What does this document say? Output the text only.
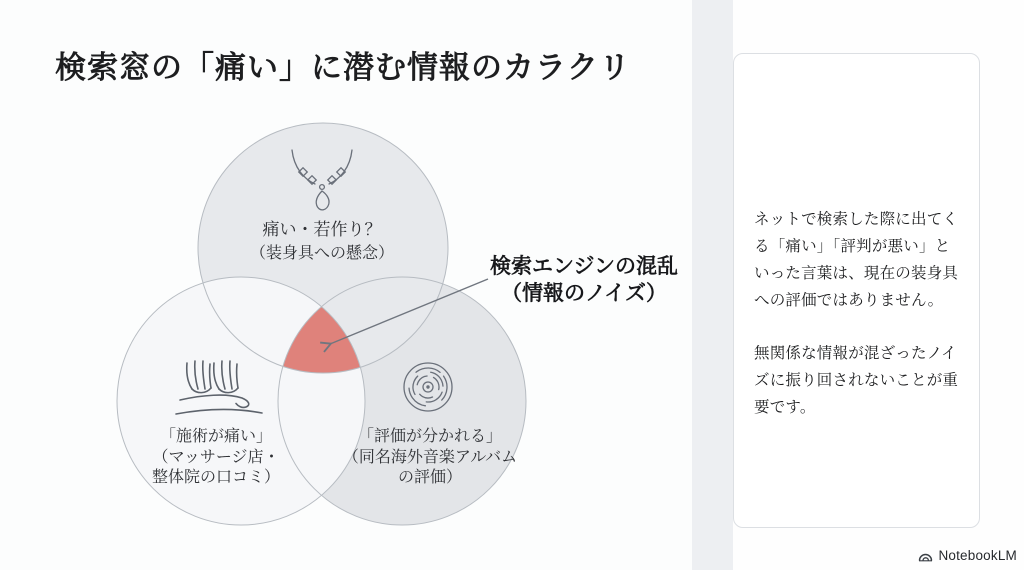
検索窓の「痛い」に潜む情報のカラクリ
痛い・若作り？
（装身具への懸念）
「施術が痛い」
（マッサージ店・
整体院の口コミ）
「評価が分かれる」
（同名海外音楽アルバム
の評価）
検索エンジンの混乱
（情報のノイズ）

ネットで検索した際に出てくる「痛い」「評判が悪い」といった言葉は、現在の装身具への評価ではありません。

無関係な情報が混ざったノイズに振り回されないことが重要です。

NotebookLM
